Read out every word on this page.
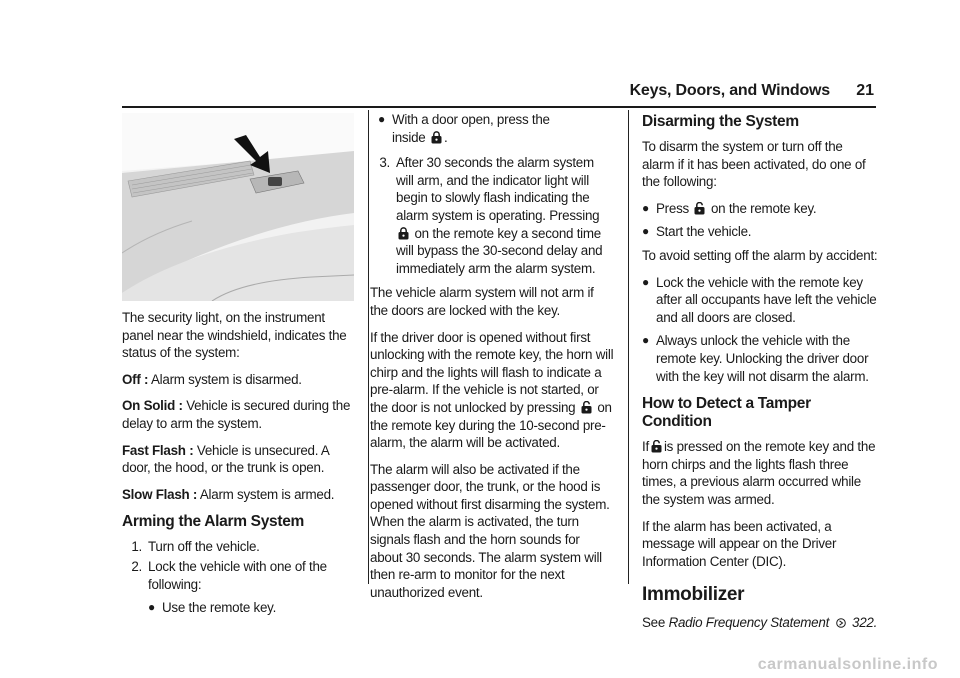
Keys, Doors, and Windows 21

The security light, on the instrument panel near the windshield, indicates the status of the system:

Off : Alarm system is disarmed.

On Solid : Vehicle is secured during the delay to arm the system.

Fast Flash : Vehicle is unsecured. A door, the hood, or the trunk is open.

Slow Flash : Alarm system is armed.

Arming the Alarm System
1. Turn off the vehicle.
2. Lock the vehicle with one of the following:
● Use the remote key.
● With a door open, press the
inside .
3. After 30 seconds the alarm system will arm, and the indicator light will begin to slowly flash indicating the alarm system is operating. Pressing  on the remote key a second time will bypass the 30-second delay and immediately arm the alarm system.

The vehicle alarm system will not arm if the doors are locked with the key.

If the driver door is opened without first unlocking with the remote key, the horn will chirp and the lights will flash to indicate a pre-alarm. If the vehicle is not started, or the door is not unlocked by pressing on the remote key during the 10-second pre-alarm, the alarm will be activated.

The alarm will also be activated if the passenger door, the trunk, or the hood is opened without first disarming the system. When the alarm is activated, the turn signals flash and the horn sounds for about 30 seconds. The alarm system will then re-arm to monitor for the next unauthorized event.

Disarming the System

To disarm the system or turn off the alarm if it has been activated, do one of the following:

● Press on the remote key.
● Start the vehicle.

To avoid setting off the alarm by accident:

● Lock the vehicle with the remote key after all occupants have left the vehicle and all doors are closed.
● Always unlock the vehicle with the remote key. Unlocking the driver door with the key will not disarm the alarm.
How to Detect a Tamper Condition

If is pressed on the remote key and the horn chirps and the lights flash three times, a previous alarm occurred while the system was armed.

If the alarm has been activated, a message will appear on the Driver Information Center (DIC).

Immobilizer

See Radio Frequency Statement 322.

carmanualsonline.info
